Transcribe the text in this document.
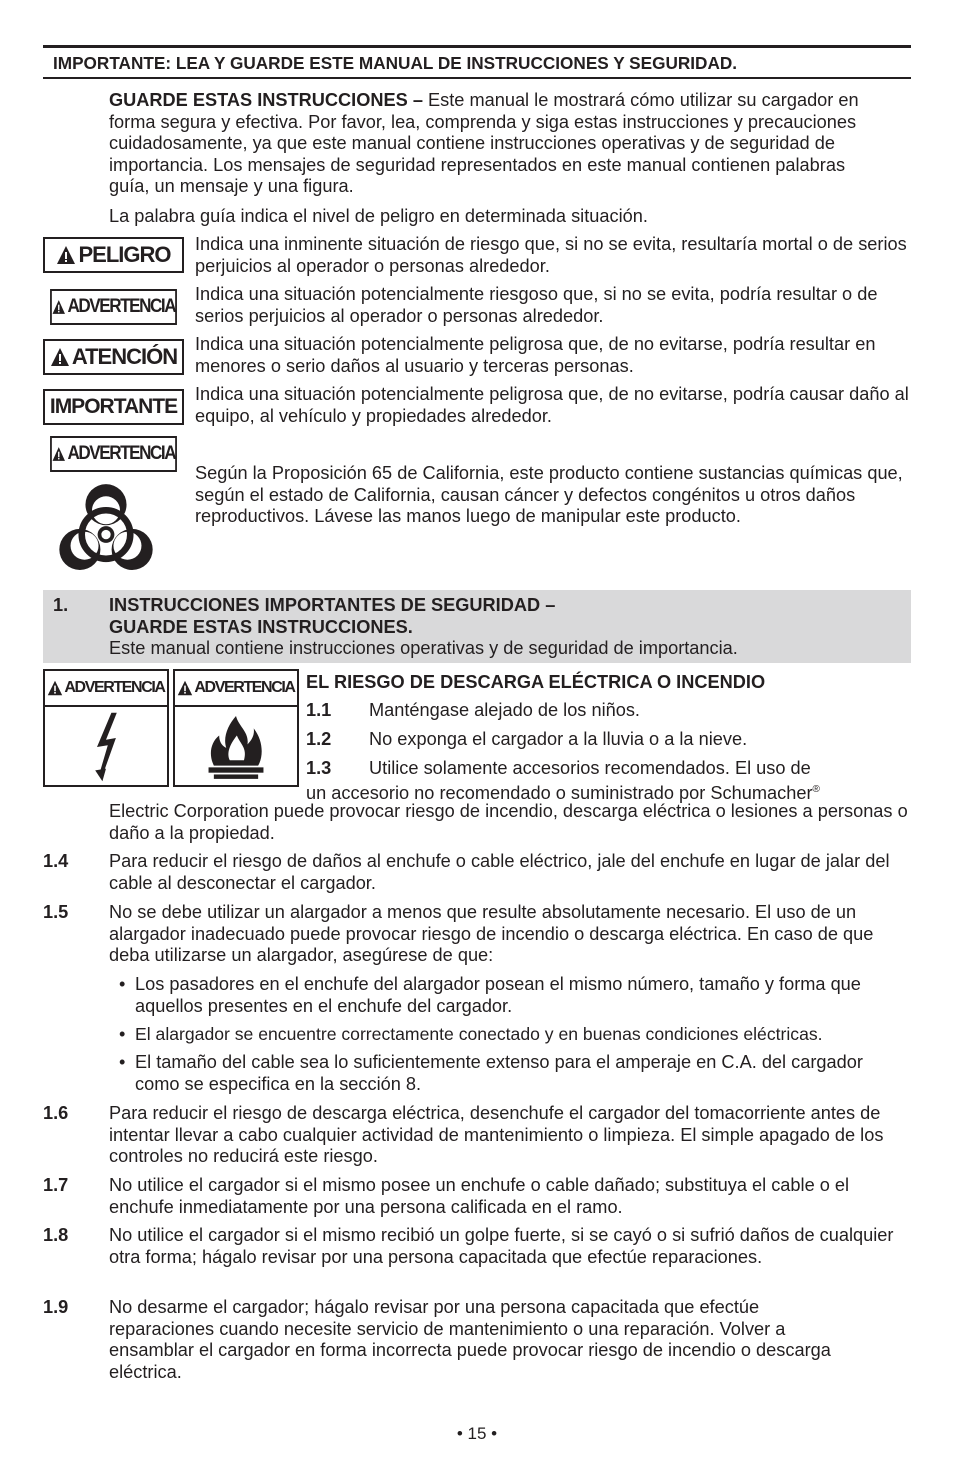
IMPORTANTE: LEA Y GUARDE ESTE MANUAL DE INSTRUCCIONES Y SEGURIDAD.

GUARDE ESTAS INSTRUCCIONES – Este manual le mostrará cómo utilizar su cargador en forma segura y efectiva. Por favor, lea, comprenda y siga estas instrucciones y precauciones cuidadosamente, ya que este manual contiene instrucciones operativas y de seguridad de importancia. Los mensajes de seguridad representados en este manual contienen palabras guía, un mensaje y una figura.

La palabra guía indica el nivel de peligro en determinada situación.

PELIGRO Indica una inminente situación de riesgo que, si no se evita, resultaría mortal o de serios perjuicios al operador o personas alrededor.

ADVERTENCIA

Indica una situación potencialmente riesgoso que, si no se evita, podría resultar o de serios perjuicios al operador o personas alrededor.

ATENCIÓN Indica una situación potencialmente peligrosa que, de no evitarse, podría resultar en menores o serio daños al usuario y terceras personas.

IMPORTANTE

Indica una situación potencialmente peligrosa que, de no evitarse, podría causar daño al equipo, al vehículo y propiedades alrededor.

ADVERTENCIA

Según la Proposición 65 de California, este producto contiene sustancias químicas que, según el estado de California, causan cáncer y defectos congénitos u otros daños reproductivos. Lávese las manos luego de manipular este producto.

1. INSTRUCCIONES IMPORTANTES DE SEGURIDAD –
GUARDE ESTAS INSTRUCCIONES.
Este manual contiene instrucciones operativas y de seguridad de importancia.
ADVERTENCIA ADVERTENCIA EL RIESGO DE DESCARGA ELÉCTRICA O INCENDIO
1.1 Manténgase alejado de los niños.
1.2 No exponga el cargador a la lluvia o a la nieve.
1.3 Utilice solamente accesorios recomendados. El uso de
un accesorio no recomendado o suministrado por Schumacher®

Electric Corporation puede provocar riesgo de incendio, descarga eléctrica o lesiones a personas o daño a la propiedad.

1.4 Para reducir el riesgo de daños al enchufe o cable eléctrico, jale del enchufe en lugar de jalar del cable al desconectar el cargador.

1.5 No se debe utilizar un alargador a menos que resulte absolutamente necesario. El uso de un alargador inadecuado puede provocar riesgo de incendio o descarga eléctrica. En caso de que deba utilizarse un alargador, asegúrese de que:

• Los pasadores en el enchufe del alargador posean el mismo número, tamaño y forma que aquellos presentes en el enchufe del cargador.
• El alargador se encuentre correctamente conectado y en buenas condiciones eléctricas.
• El tamaño del cable sea lo suficientemente extenso para el amperaje en C.A. del cargador como se especifica en la sección 8.
1.6 Para reducir el riesgo de descarga eléctrica, desenchufe el cargador del tomacorriente antes de intentar llevar a cabo cualquier actividad de mantenimiento o limpieza. El simple apagado de los controles no reducirá este riesgo.

1.7 No utilice el cargador si el mismo posee un enchufe o cable dañado; substituya el cable o el enchufe inmediatamente por una persona calificada en el ramo.

1.8 No utilice el cargador si el mismo recibió un golpe fuerte, si se cayó o si sufrió daños de cualquier otra forma; hágalo revisar por una persona capacitada que efectúe reparaciones.

1.9 No desarme el cargador; hágalo revisar por una persona capacitada que efectúe reparaciones cuando necesite servicio de mantenimiento o una reparación. Volver a ensamblar el cargador en forma incorrecta puede provocar riesgo de incendio o descarga eléctrica.

• 15 •
